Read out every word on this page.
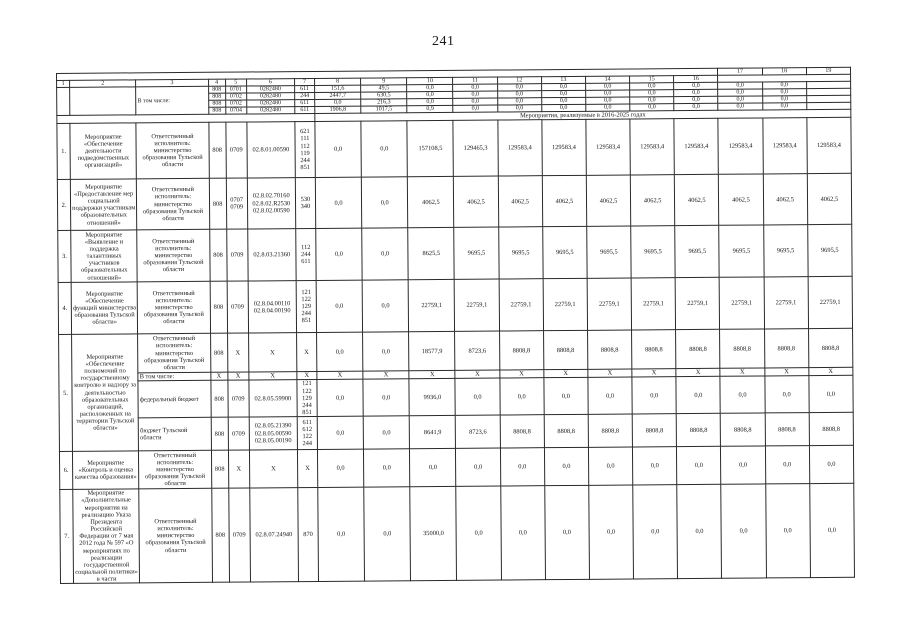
241
																17	18	19
1	2	3	4	5	6	7	8	9	10	11	12	13	14	15	16			
		В том числе:	808	0701	0282480	611	151,6	49,5	0,0	0,0	0,0	0,0	0,0	0,0	0,0	0,0	0,0	
			808	0702	0282480	244	2447,7	630,5	0,0	0,0	0,0	0,0	0,0	0,0	0,0	0,0	0,0	
			808	0702	0282480	611	0,0	216,3	0,0	0,0	0,0	0,0	0,0	0,0	0,0	0,0	0,0	
			808	0704	0282480	611	1906,8	1017,5	0,9	0,0	0,0	0,0	0,0	0,0	0,0	0,0	0,0	
							Мероприятия, реализуемые в 2016-2025 годах											
1.	Мероприятие «Обеспечение деятельности подведомственных организаций»	Ответственный исполнитель: министерство образования Тульской области	808	0709	02.8.01.00590	621 111 112 119 244 851	0,0	0,0	157108,5	129465,3	129583,4	129583,4	129583,4	129583,4	129583,4	129583,4	129583,4	129583,4
2.	Мероприятие «Предоставление мер социальной поддержки участникам образовательных отношений»	Ответственный исполнитель: министерство образования Тульской области	808	0707 0709	02.8.02.70160 02.8.02.R2530 02.8.02.00590	530 340	0,0	0,0	4062,5	4062,5	4062,5	4062,5	4062,5	4062,5	4062,5	4062,5	4062,5	4062,5
3.	Мероприятие «Выявление и поддержка талантливых участников образовательных отношений»	Ответственный исполнитель: министерство образования Тульской области	808	0709	02.8.03.21360	112 244 611	0,0	0,0	8625,5	9695,5	9695,5	9695,5	9695,5	9695,5	9695,5	9695,5	9695,5	9695,5
4.	Мероприятие «Обеспечение функций министерства образования Тульской области»	Ответственный исполнитель: министерство образования Тульской области	808	0709	02.8.04.00110 02.8.04.00190	121 122 129 244 851	0,0	0,0	22759,1	22759,1	22759,1	22759,1	22759,1	22759,1	22759,1	22759,1	22759,1	22759,1
5.	Мероприятие «Обеспечение полномочий по государственному контролю и надзору за деятельностью образовательных организаций, расположенных на территории Тульской области»	Ответственный исполнитель: министерство образования Тульской области	808	X	X	X	0,0	0,0	18577,9	8723,6	8808,8	8808,8	8808,8	8808,8	8808,8	8808,8	8808,8	8808,8
		В том числе:	X	X	X	X	X	X	X	X	X	X	X	X	X	X	X	X
		федеральный бюджет	808	0709	02.8.05.59900	121 122 129 244 851	0,0	0,0	9936,0	0,0	0,0	0,0	0,0	0,0	0,0	0,0	0,0	0,0
		бюджет Тульской области	808	0709	02.8.05.21390 02.8.05.00590 02.8.05.00190	611 612 122 244	0,0	0,0	8641,9	8723,6	8808,8	8808,8	8808,8	8808,8	8808,8	8808,8	8808,8	8808,8
6.	Мероприятие «Контроль и оценка качества образования»	Ответственный исполнитель: министерство образования Тульской области	808	X	X	X	0,0	0,0	0,0	0,0	0,0	0,0	0,0	0,0	0,0	0,0	0,0	0,0
7.	Мероприятие «Дополнительные мероприятия на реализацию Указа Президента Российской Федерации от 7 мая 2012 года № 597 «О мероприятиях по реализации государственной социальной политики» в части	Ответственный исполнитель: министерство образования Тульской области	808	0709	02.8.07.24940	870	0,0	0,0	35000,0	0,0	0,0	0,0	0,0	0,0	0,0	0,0	0,0	0,0
